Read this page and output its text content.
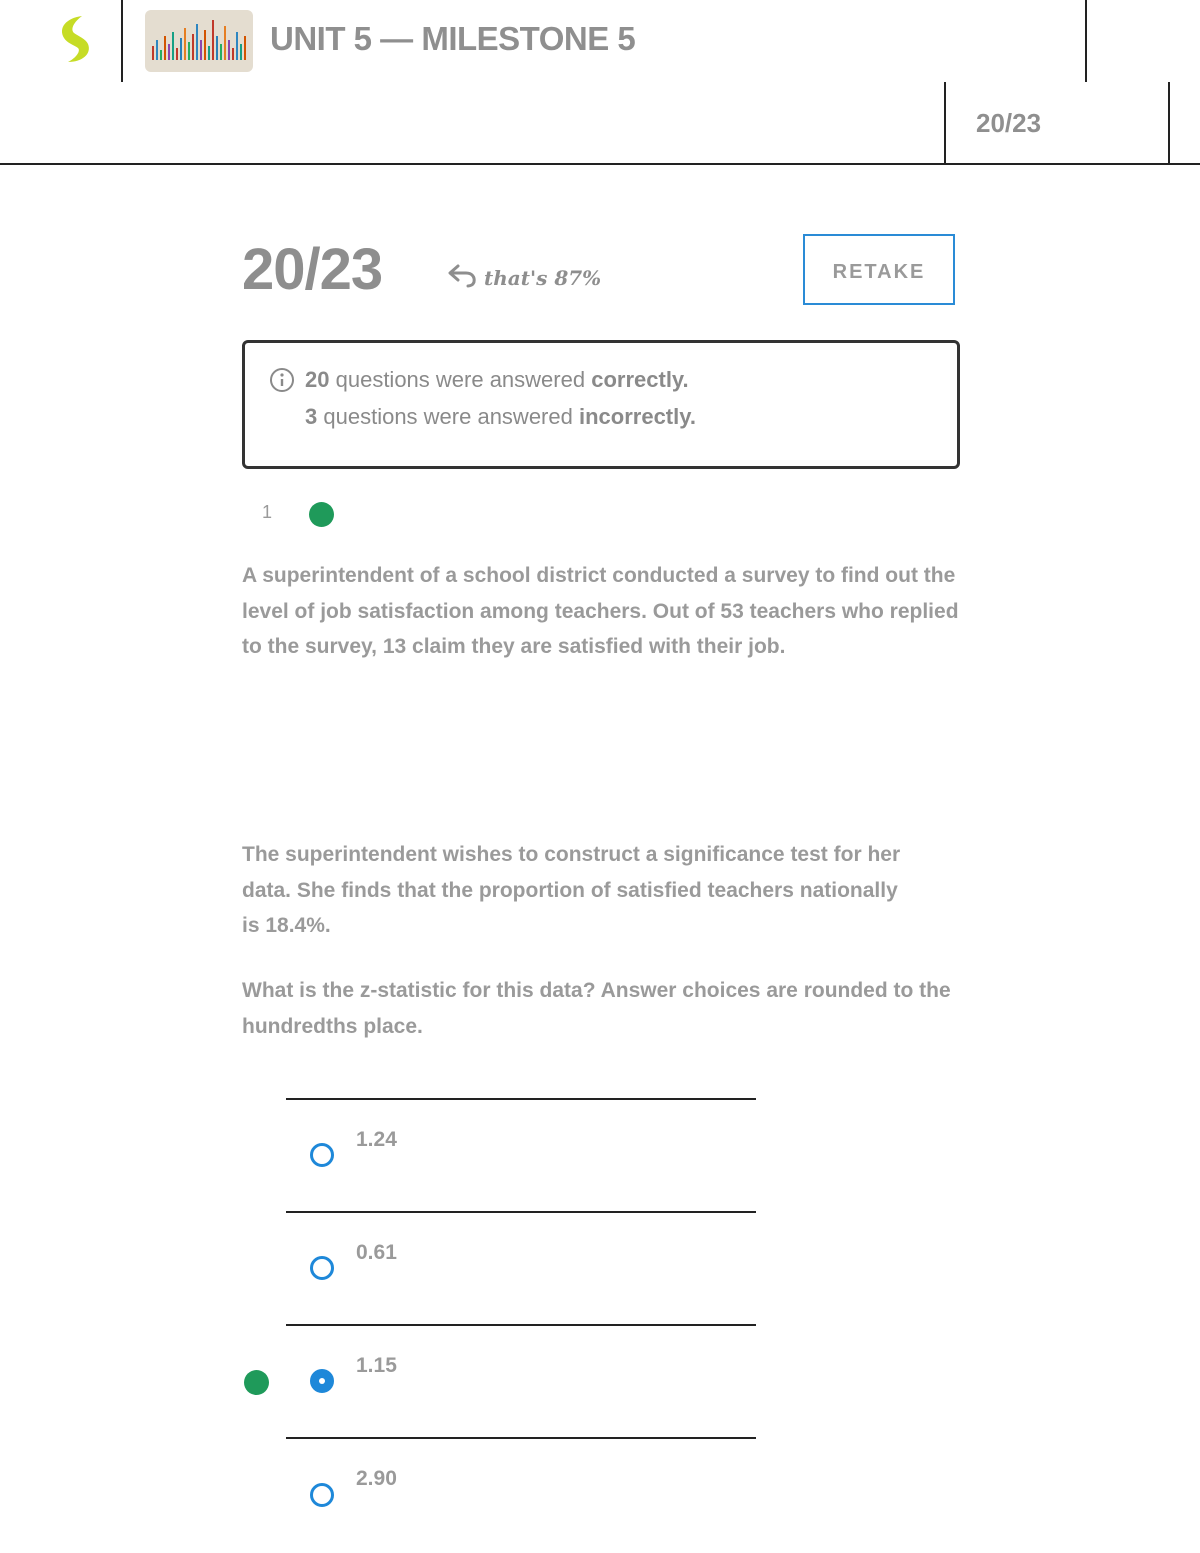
UNIT 5 — MILESTONE 5
20/23
20/23	that's 87%	RETAKE
20 questions were answered correctly.
3 questions were answered incorrectly.
1
A superintendent of a school district conducted a survey to find out the level of job satisfaction among teachers. Out of 53 teachers who replied to the survey, 13 claim they are satisfied with their job.
The superintendent wishes to construct a significance test for her data. She finds that the proportion of satisfied teachers nationally is 18.4%.
What is the z-statistic for this data? Answer choices are rounded to the hundredths place.
1.24
0.61
1.15
2.90
